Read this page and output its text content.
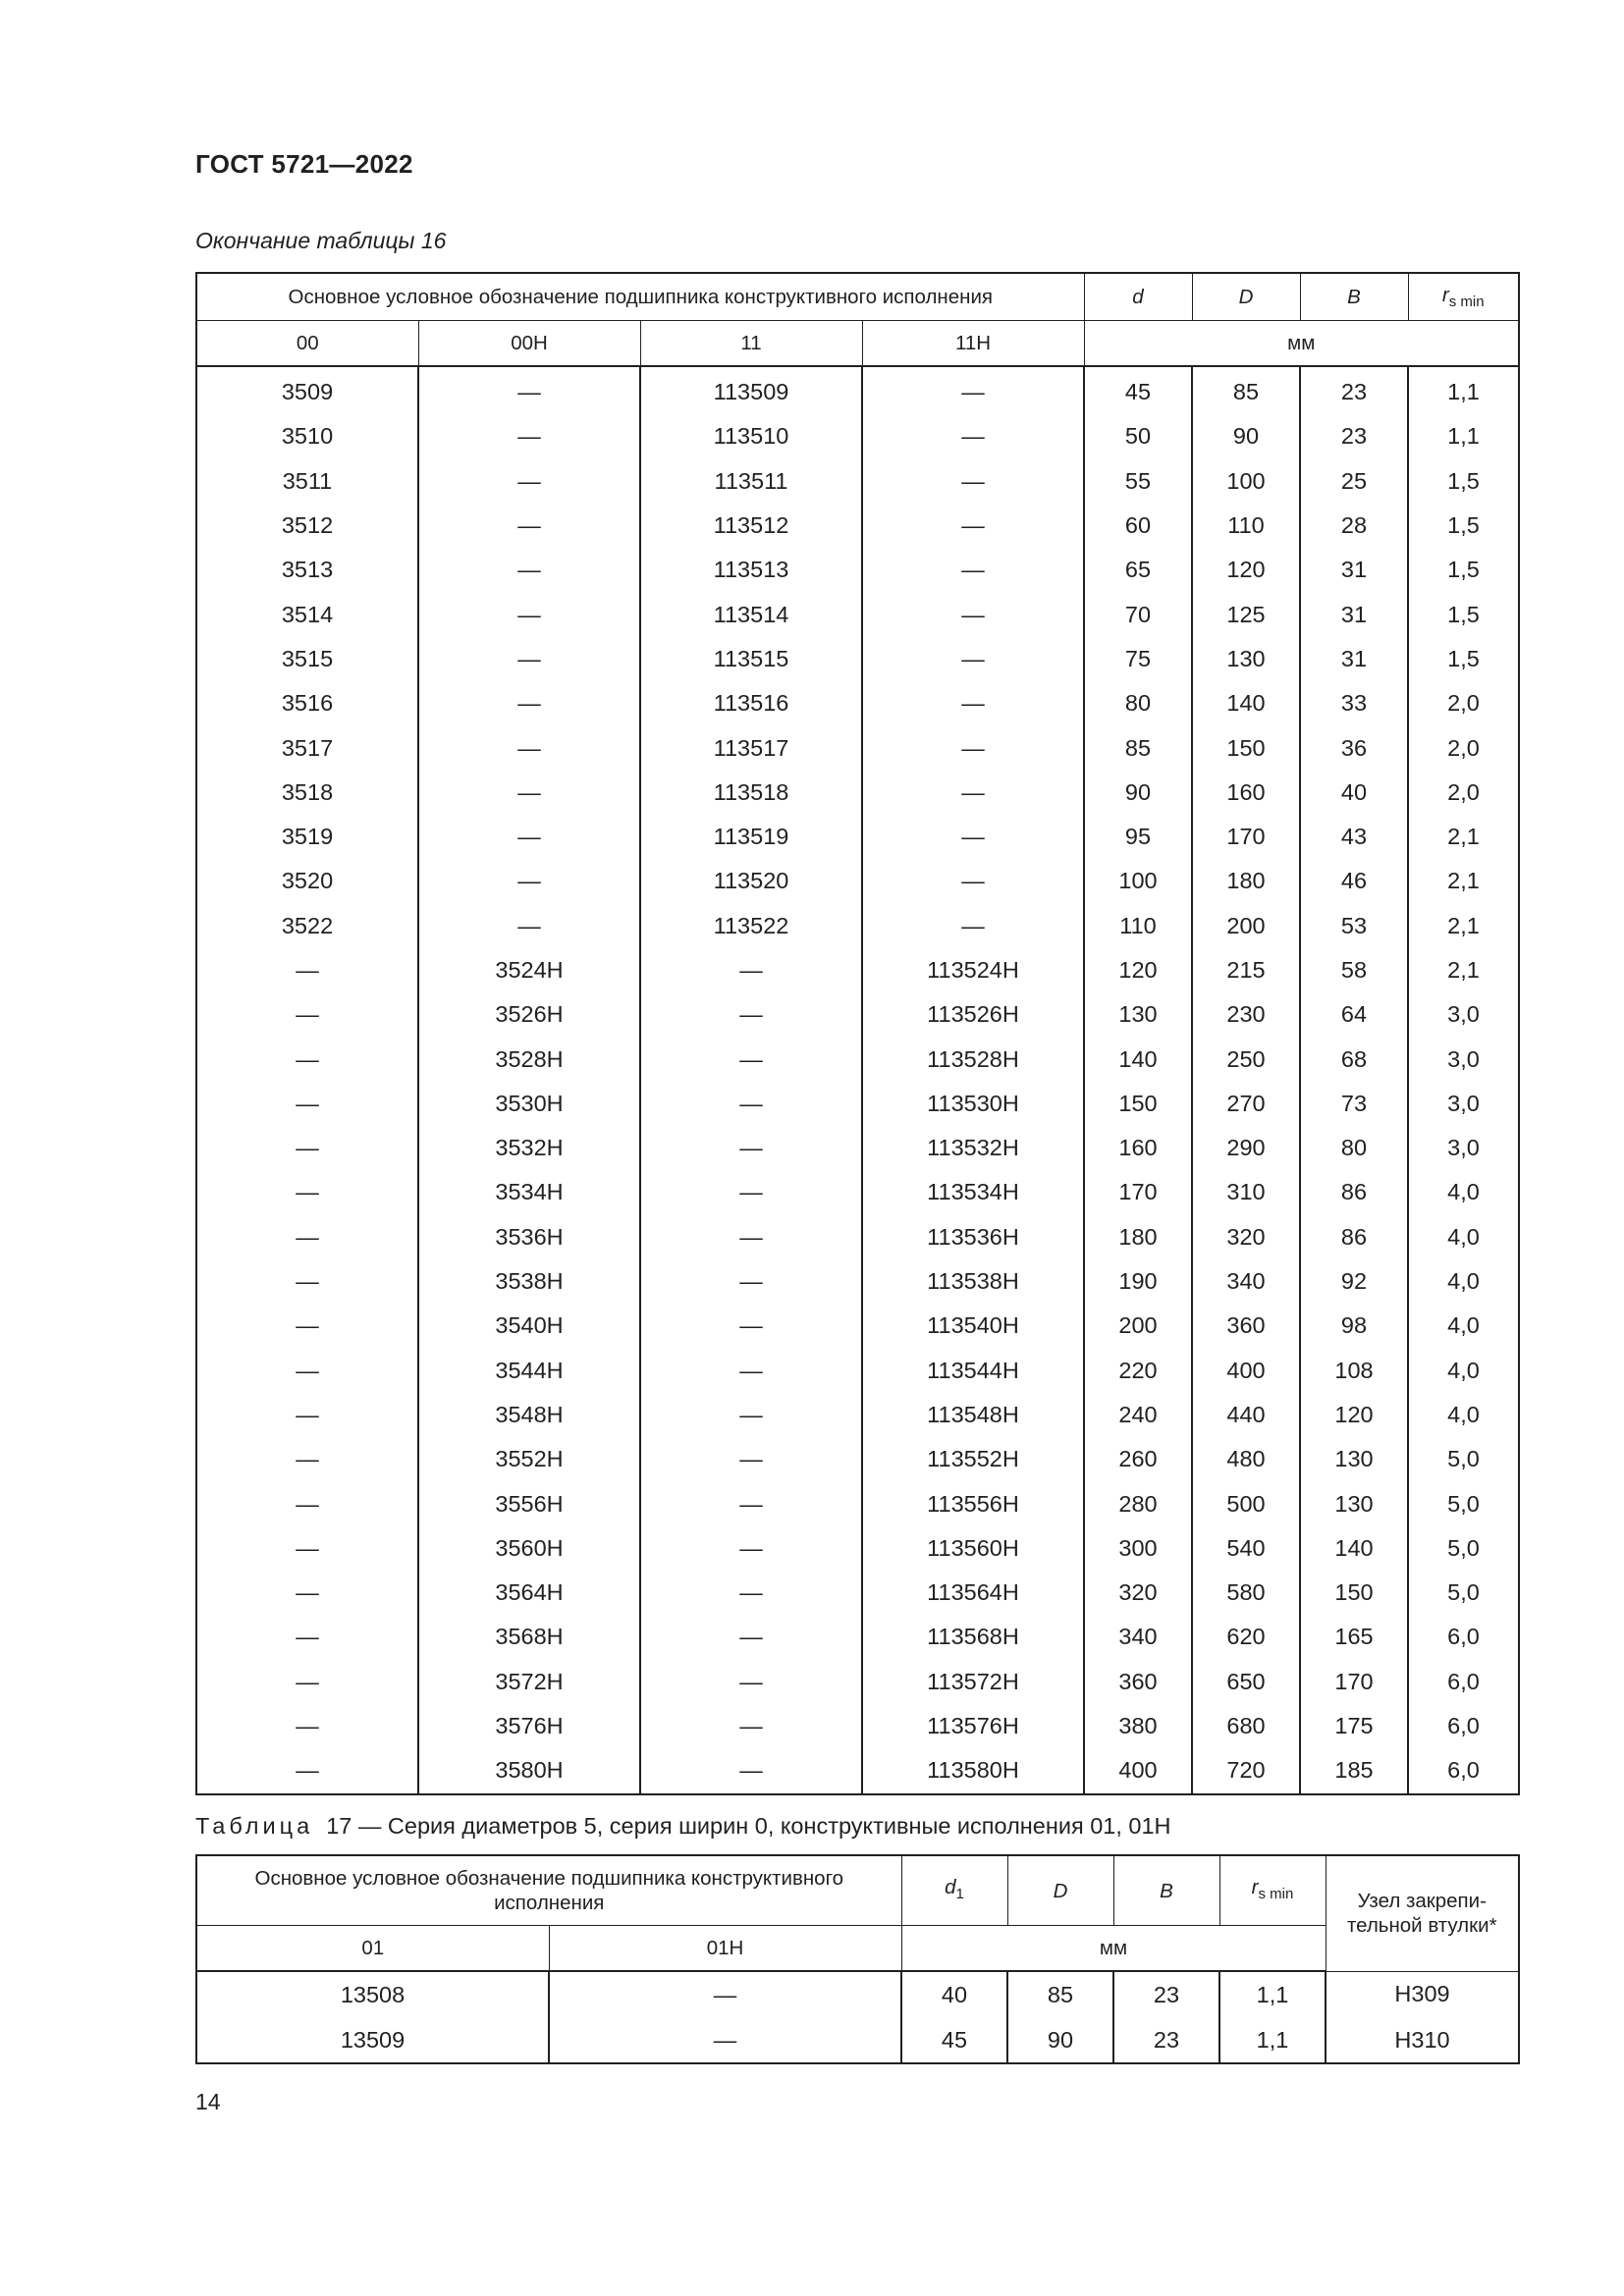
ГОСТ 5721—2022
Окончание таблицы 16
Основное условное обозначение подшипника конструктивного исполнения				d	D	B	$r_{s min}$
00	00H	11	11H	мм			
3509	—	113509	—	45	85	23	1,1
3510	—	113510	—	50	90	23	1,1
3511	—	113511	—	55	100	25	1,5
3512	—	113512	—	60	110	28	1,5
3513	—	113513	—	65	120	31	1,5
3514	—	113514	—	70	125	31	1,5
3515	—	113515	—	75	130	31	1,5
3516	—	113516	—	80	140	33	2,0
3517	—	113517	—	85	150	36	2,0
3518	—	113518	—	90	160	40	2,0
3519	—	113519	—	95	170	43	2,1
3520	—	113520	—	100	180	46	2,1
3522	—	113522	—	110	200	53	2,1
—	3524H	—	113524H	120	215	58	2,1
—	3526H	—	113526H	130	230	64	3,0
—	3528H	—	113528H	140	250	68	3,0
—	3530H	—	113530H	150	270	73	3,0
—	3532H	—	113532H	160	290	80	3,0
—	3534H	—	113534H	170	310	86	4,0
—	3536H	—	113536H	180	320	86	4,0
—	3538H	—	113538H	190	340	92	4,0
—	3540H	—	113540H	200	360	98	4,0
—	3544H	—	113544H	220	400	108	4,0
—	3548H	—	113548H	240	440	120	4,0
—	3552H	—	113552H	260	480	130	5,0
—	3556H	—	113556H	280	500	130	5,0
—	3560H	—	113560H	300	540	140	5,0
—	3564H	—	113564H	320	580	150	5,0
—	3568H	—	113568H	340	620	165	6,0
—	3572H	—	113572H	360	650	170	6,0
—	3576H	—	113576H	380	680	175	6,0
—	3580H	—	113580H	400	720	185	6,0
Таблица 17 — Серия диаметров 5, серия ширин 0, конструктивные исполнения 01, 01H
Основное условное обозначение подшипника конструктивного исполнения		$d_1$	D	B	$r_{s min}$	Узел закрепи-тельной втулки*
01	01H	мм				
13508	—	40	85	23	1,1	H309
13509	—	45	90	23	1,1	H310
14
